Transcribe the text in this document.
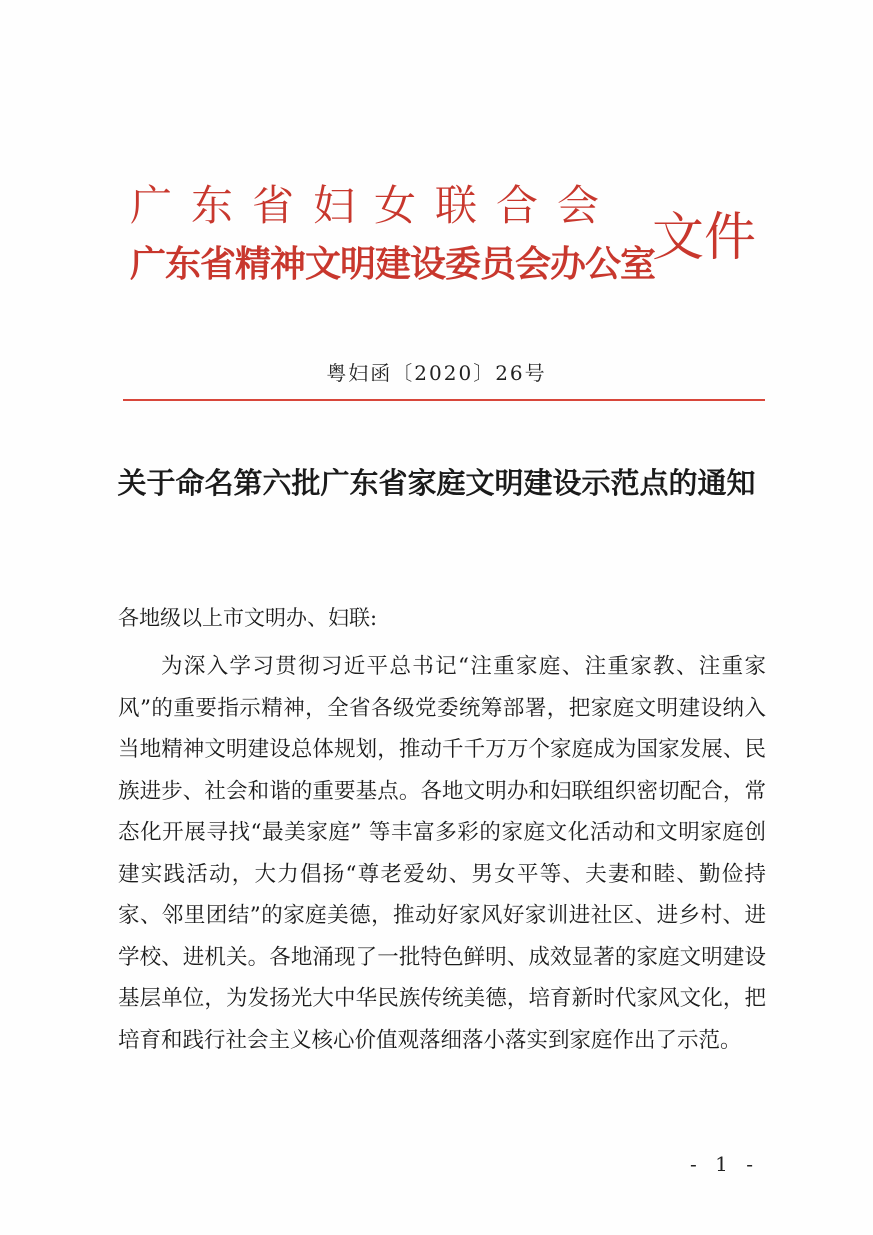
广东省妇女联合会
广东省精神文明建设委员会办公室
文件
粤妇函〔2020〕26号
关于命名第六批广东省家庭文明建设示范点的通知
各地级以上市文明办、妇联:

为深入学习贯彻习近平总书记“注重家庭、注重家教、注重家风”的重要指示精神，全省各级党委统筹部署，把家庭文明建设纳入当地精神文明建设总体规划，推动千千万万个家庭成为国家发展、民族进步、社会和谐的重要基点。各地文明办和妇联组织密切配合，常态化开展寻找“最美家庭” 等丰富多彩的家庭文化活动和文明家庭创建实践活动，大力倡扬“尊老爱幼、男女平等、夫妻和睦、勤俭持家、邻里团结”的家庭美德，推动好家风好家训进社区、进乡村、进学校、进机关。各地涌现了一批特色鲜明、成效显著的家庭文明建设基层单位，为发扬光大中华民族传统美德，培育新时代家风文化，把培育和践行社会主义核心价值观落细落小落实到家庭作出了示范。

- 1 -
